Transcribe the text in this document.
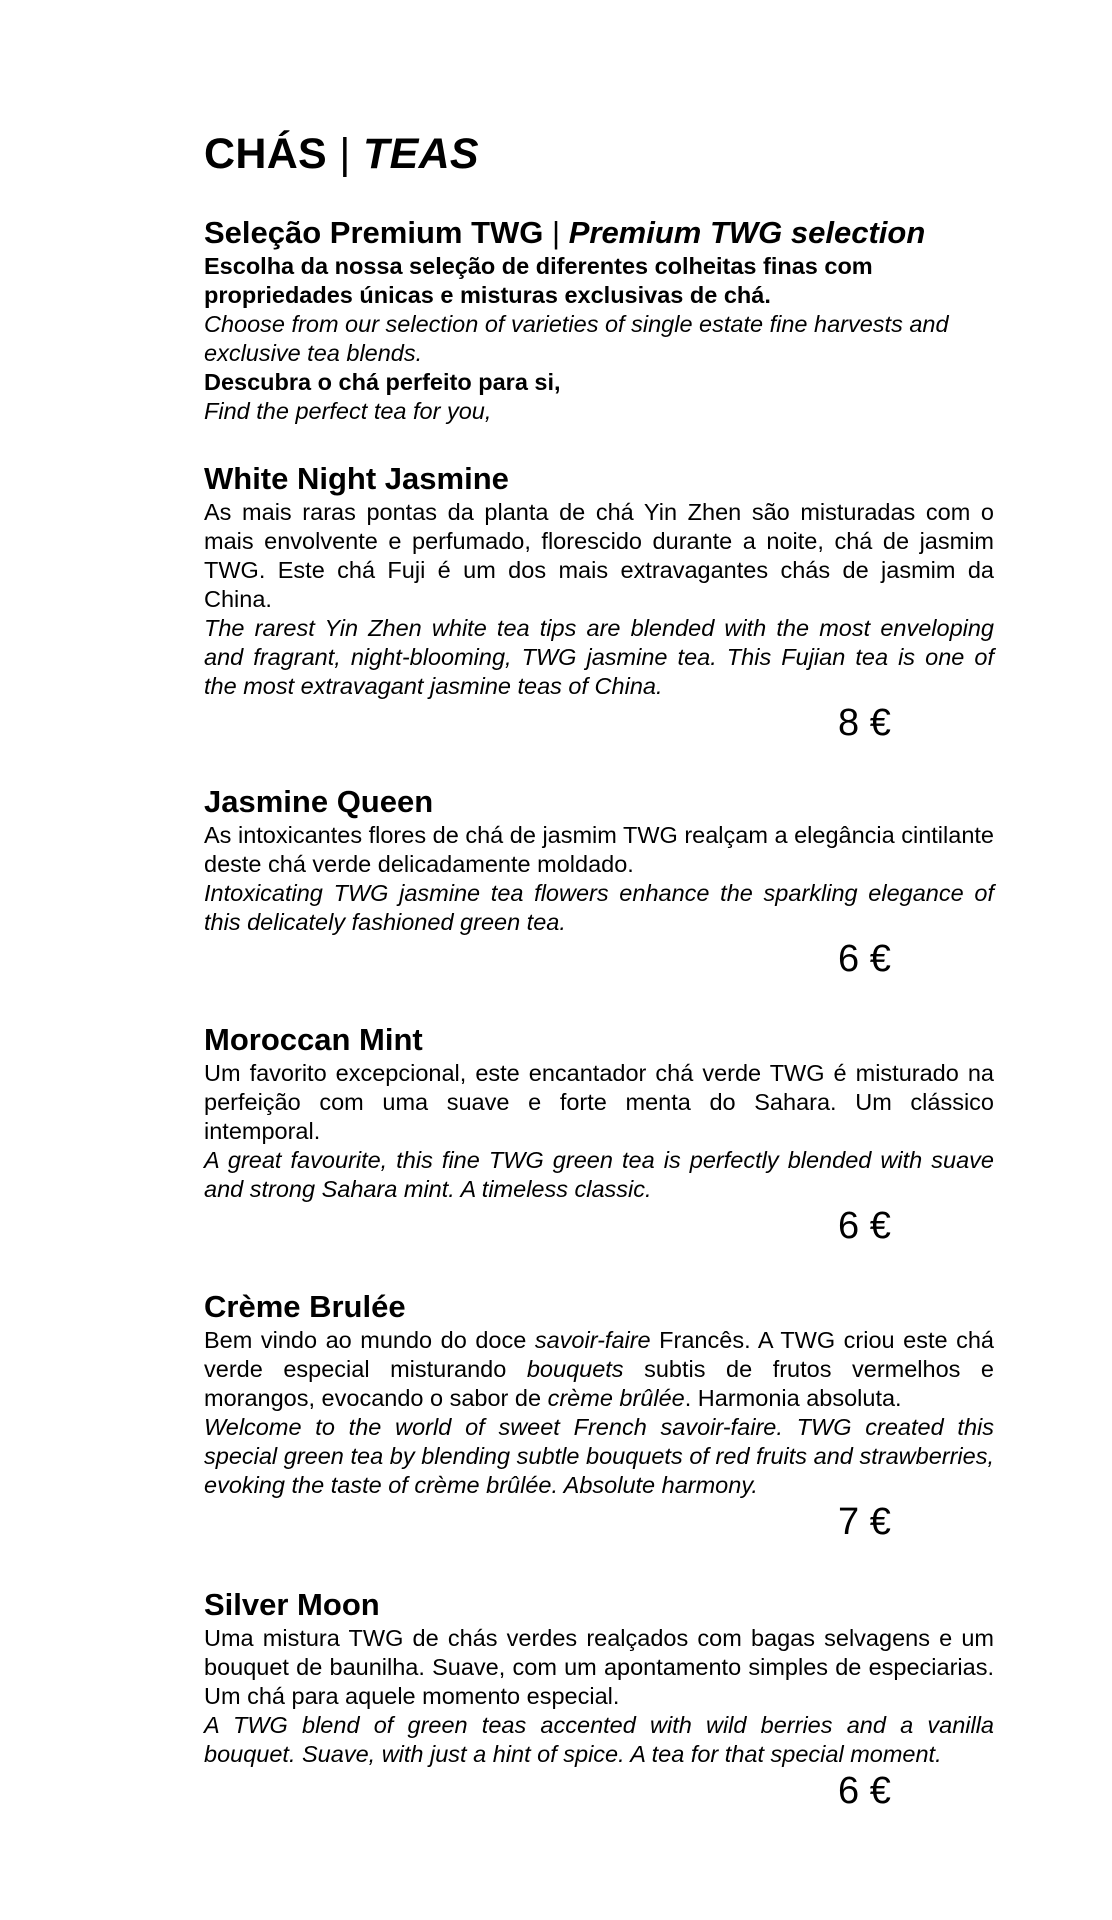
CHÁS | TEAS
Seleção Premium TWG | Premium TWG selection

Escolha da nossa seleção de diferentes colheitas finas com propriedades únicas e misturas exclusivas de chá.

Choose from our selection of varieties of single estate fine harvests and exclusive tea blends.

Descubra o chá perfeito para si,

Find the perfect tea for you,

White Night Jasmine

As mais raras pontas da planta de chá Yin Zhen são misturadas com o mais envolvente e perfumado, florescido durante a noite, chá de jasmim TWG. Este chá Fuji é um dos mais extravagantes chás de jasmim da China.

The rarest Yin Zhen white tea tips are blended with the most enveloping and fragrant, night-blooming, TWG jasmine tea. This Fujian tea is one of the most extravagant jasmine teas of China.

8 €

Jasmine Queen

As intoxicantes flores de chá de jasmim TWG realçam a elegância cintilante deste chá verde delicadamente moldado.

Intoxicating TWG jasmine tea flowers enhance the sparkling elegance of this delicately fashioned green tea.

6 €

Moroccan Mint

Um favorito excepcional, este encantador chá verde TWG é misturado na perfeição com uma suave e forte menta do Sahara. Um clássico intemporal.

A great favourite, this fine TWG green tea is perfectly blended with suave and strong Sahara mint. A timeless classic.

6 €

Crème Brulée

Bem vindo ao mundo do doce savoir-faire Francês. A TWG criou este chá verde especial misturando bouquets subtis de frutos vermelhos e morangos, evocando o sabor de crème brûlée. Harmonia absoluta.

Welcome to the world of sweet French savoir-faire. TWG created this special green tea by blending subtle bouquets of red fruits and strawberries, evoking the taste of crème brûlée. Absolute harmony.

7 €

Silver Moon

Uma mistura TWG de chás verdes realçados com bagas selvagens e um bouquet de baunilha. Suave, com um apontamento simples de especiarias. Um chá para aquele momento especial.

A TWG blend of green teas accented with wild berries and a vanilla bouquet. Suave, with just a hint of spice. A tea for that special moment.

6 €
